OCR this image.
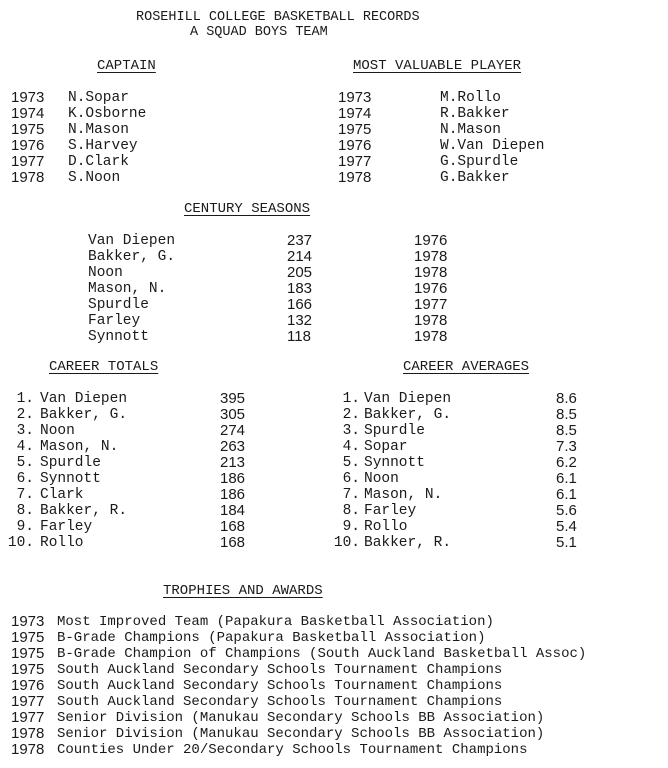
ROSEHILL COLLEGE BASKETBALL RECORDS
A SQUAD BOYS TEAM
CAPTAIN	MOST VALUABLE PLAYER
CENTURY SEASONS
CAREER TOTALS	CAREER AVERAGES
TROPHIES AND AWARDS
1973 N.Sopar
1974 K.Osborne
1975 N.Mason
1976 S.Harvey
1977 D.Clark
1978 S.Noon
1973	M.Rollo
1974	R.Bakker
1975	N.Mason
1976	W.Van Diepen
1977	G.Spurdle
1978	G.Bakker
Van Diepen	237	1976
Bakker, G.	214	1978
Noon	205	1978
Mason, N.	183	1976
Spurdle	166	1977
Farley	132	1978
Synnott	118	1978
1. Van Diepen	395
2. Bakker, G.	305
3. Noon	274
4. Mason, N.	263
5. Spurdle	213
6. Synnott	186
7. Clark	186
8. Bakker, R.	184
9. Farley	168
10. Rollo	168
1. Van Diepen	8.6
2. Bakker, G.	8.5
3. Spurdle	8.5
4. Sopar	7.3
5. Synnott	6.2
6. Noon	6.1
7. Mason, N.	6.1
8. Farley	5.6
9. Rollo	5.4
10. Bakker, R.	5.1
1973 Most Improved Team (Papakura Basketball Association)
1975 B-Grade Champions (Papakura Basketball Association)
1975 B-Grade Champion of Champions (South Auckland Basketball Assoc)
1975 South Auckland Secondary Schools Tournament Champions
1976 South Auckland Secondary Schools Tournament Champions
1977 South Auckland Secondary Schools Tournament Champions
1977 Senior Division (Manukau Secondary Schools BB Association)
1978 Senior Division (Manukau Secondary Schools BB Association)
1978 Counties Under 20/Secondary Schools Tournament Champions
